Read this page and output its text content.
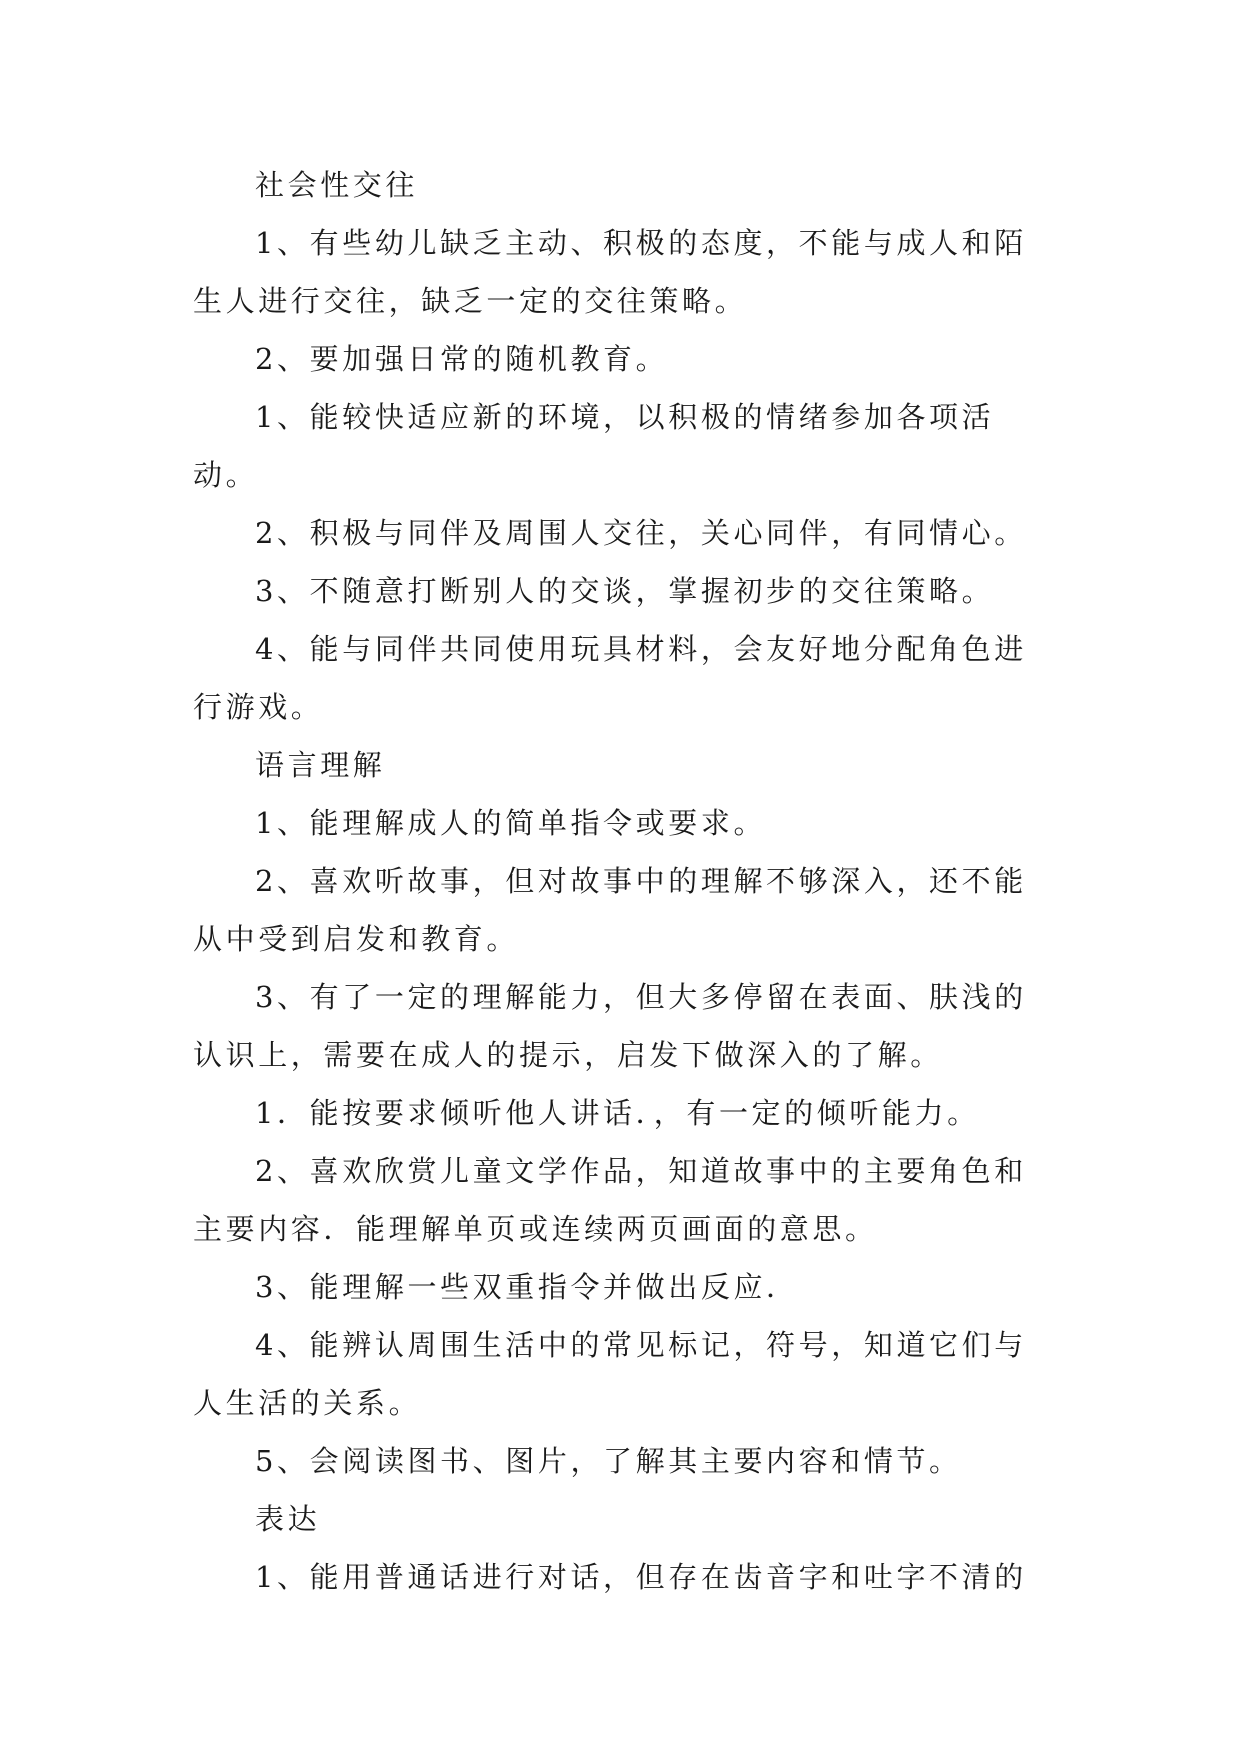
社会性交往

1、有些幼儿缺乏主动、积极的态度，不能与成人和陌生人进行交往，缺乏一定的交往策略。

2、要加强日常的随机教育。

1、能较快适应新的环境，以积极的情绪参加各项活动。

2、积极与同伴及周围人交往，关心同伴，有同情心。

3、不随意打断别人的交谈，掌握初步的交往策略。

4、能与同伴共同使用玩具材料，会友好地分配角色进行游戏。

语言理解

1、能理解成人的简单指令或要求。

2、喜欢听故事，但对故事中的理解不够深入，还不能从中受到启发和教育。

3、有了一定的理解能力，但大多停留在表面、肤浅的认识上，需要在成人的提示，启发下做深入的了解。

1．能按要求倾听他人讲话．，有一定的倾听能力。

2、喜欢欣赏儿童文学作品，知道故事中的主要角色和主要内容．能理解单页或连续两页画面的意思。

3、能理解一些双重指令并做出反应．

4、能辨认周围生活中的常见标记，符号，知道它们与人生活的关系。

5、会阅读图书、图片，了解其主要内容和情节。

表达

1、能用普通话进行对话，但存在齿音字和吐字不清的
